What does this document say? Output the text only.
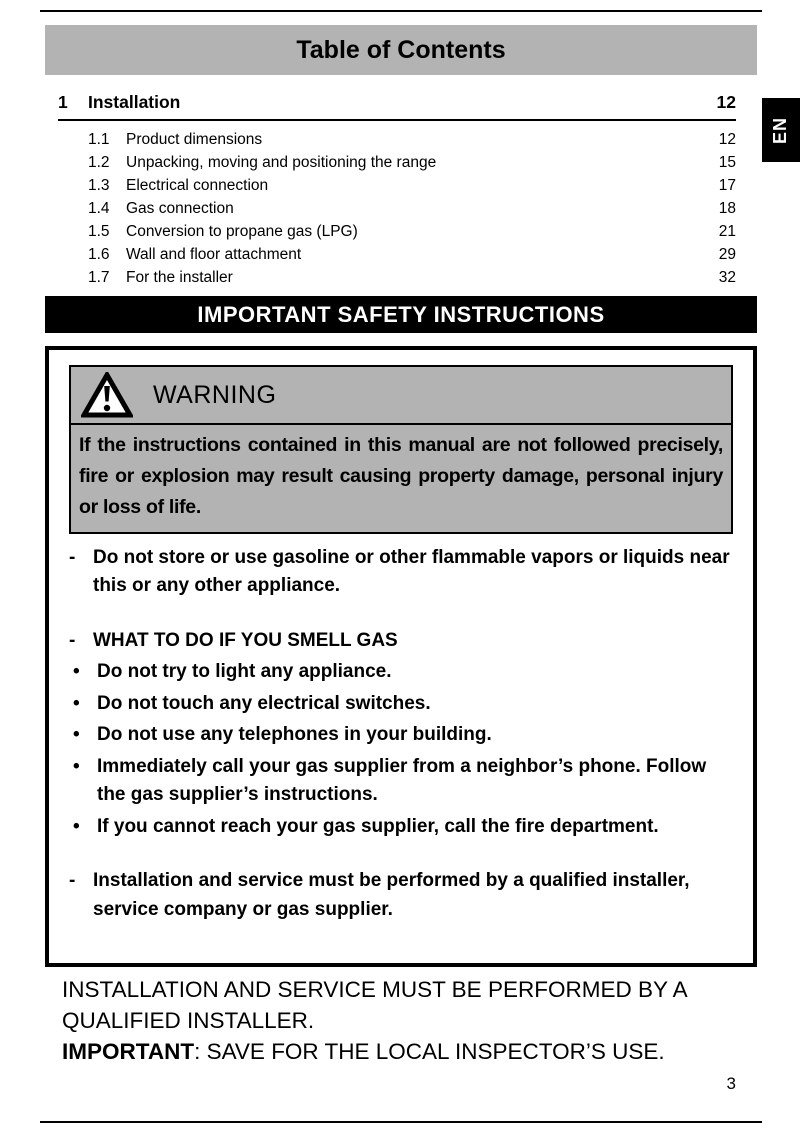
Table of Contents
EN
1	Installation	12
1.1	Product dimensions	12
1.2	Unpacking, moving and positioning the range	15
1.3	Electrical connection	17
1.4	Gas connection	18
1.5	Conversion to propane gas (LPG)	21
1.6	Wall and floor attachment	29
1.7	For the installer	32
IMPORTANT SAFETY INSTRUCTIONS
WARNING
If the instructions contained in this manual are not followed precisely, fire or explosion may result causing property damage, personal injury or loss of life.
- Do not store or use gasoline or other flammable vapors or liquids near this or any other appliance.
- WHAT TO DO IF YOU SMELL GAS
• Do not try to light any appliance.
• Do not touch any electrical switches.
• Do not use any telephones in your building.
• Immediately call your gas supplier from a neighbor’s phone. Follow the gas supplier’s instructions.
• If you cannot reach your gas supplier, call the fire department.
- Installation and service must be performed by a qualified installer, service company or gas supplier.

INSTALLATION AND SERVICE MUST BE PERFORMED BY A QUALIFIED INSTALLER.

IMPORTANT: SAVE FOR THE LOCAL INSPECTOR’S USE.

3
